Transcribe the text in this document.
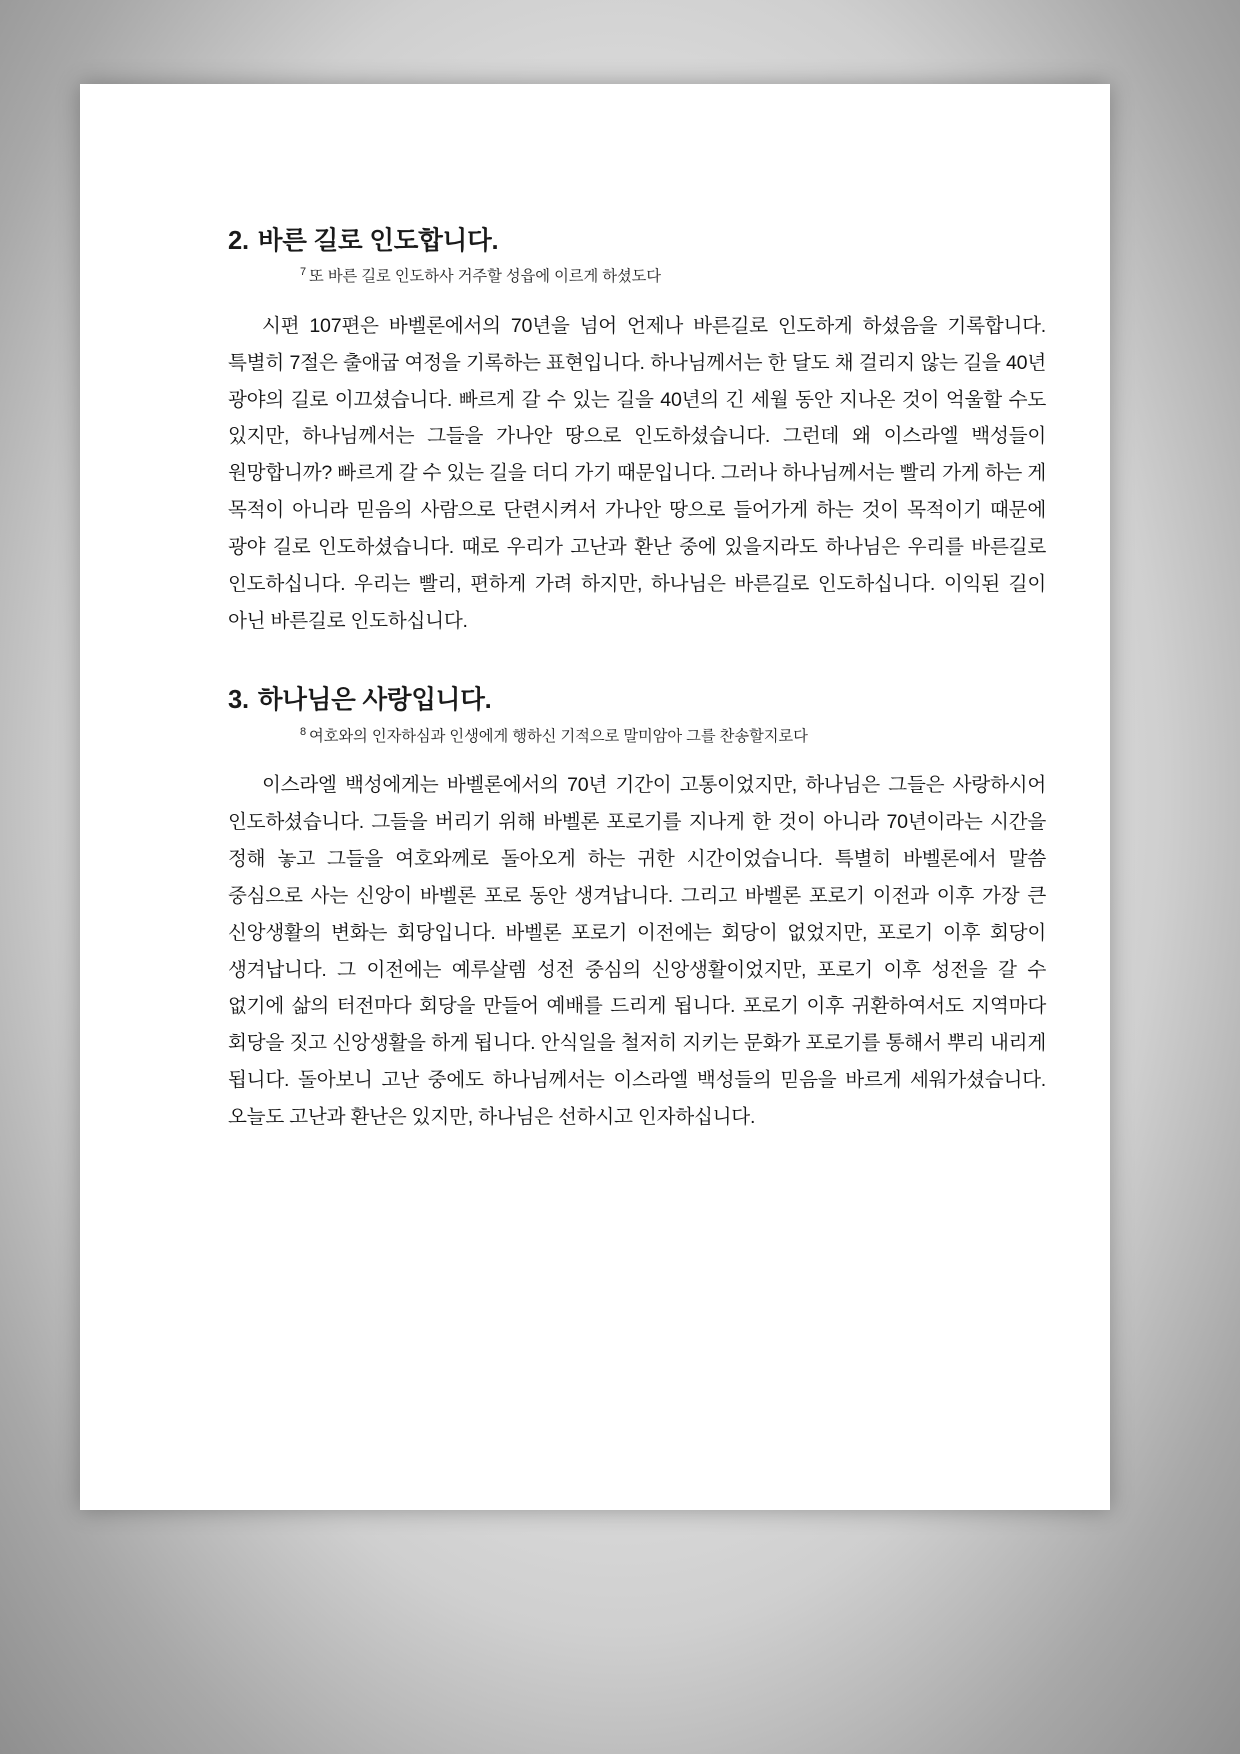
2. 바른 길로 인도합니다.

$^7$ 또 바른 길로 인도하사 거주할 성읍에 이르게 하셨도다

시편 107편은 바벨론에서의 70년을 넘어 언제나 바른길로 인도하게 하셨음을 기록합니다. 특별히 7절은 출애굽 여정을 기록하는 표현입니다. 하나님께서는 한 달도 채 걸리지 않는 길을 40년 광야의 길로 이끄셨습니다. 빠르게 갈 수 있는 길을 40년의 긴 세월 동안 지나온 것이 억울할 수도 있지만, 하나님께서는 그들을 가나안 땅으로 인도하셨습니다. 그런데 왜 이스라엘 백성들이 원망합니까? 빠르게 갈 수 있는 길을 더디 가기 때문입니다. 그러나 하나님께서는 빨리 가게 하는 게 목적이 아니라 믿음의 사람으로 단련시켜서 가나안 땅으로 들어가게 하는 것이 목적이기 때문에 광야 길로 인도하셨습니다. 때로 우리가 고난과 환난 중에 있을지라도 하나님은 우리를 바른길로 인도하십니다. 우리는 빨리, 편하게 가려 하지만, 하나님은 바른길로 인도하십니다. 이익된 길이 아닌 바른길로 인도하십니다.

3. 하나님은 사랑입니다.

$^8$ 여호와의 인자하심과 인생에게 행하신 기적으로 말미암아 그를 찬송할지로다

이스라엘 백성에게는 바벨론에서의 70년 기간이 고통이었지만, 하나님은 그들은 사랑하시어 인도하셨습니다. 그들을 버리기 위해 바벨론 포로기를 지나게 한 것이 아니라 70년이라는 시간을 정해 놓고 그들을 여호와께로 돌아오게 하는 귀한 시간이었습니다. 특별히 바벨론에서 말씀 중심으로 사는 신앙이 바벨론 포로 동안 생겨납니다. 그리고 바벨론 포로기 이전과 이후 가장 큰 신앙생활의 변화는 회당입니다. 바벨론 포로기 이전에는 회당이 없었지만, 포로기 이후 회당이 생겨납니다. 그 이전에는 예루살렘 성전 중심의 신앙생활이었지만, 포로기 이후 성전을 갈 수 없기에 삶의 터전마다 회당을 만들어 예배를 드리게 됩니다. 포로기 이후 귀환하여서도 지역마다 회당을 짓고 신앙생활을 하게 됩니다. 안식일을 철저히 지키는 문화가 포로기를 통해서 뿌리 내리게 됩니다. 돌아보니 고난 중에도 하나님께서는 이스라엘 백성들의 믿음을 바르게 세워가셨습니다. 오늘도 고난과 환난은 있지만, 하나님은 선하시고 인자하십니다.
